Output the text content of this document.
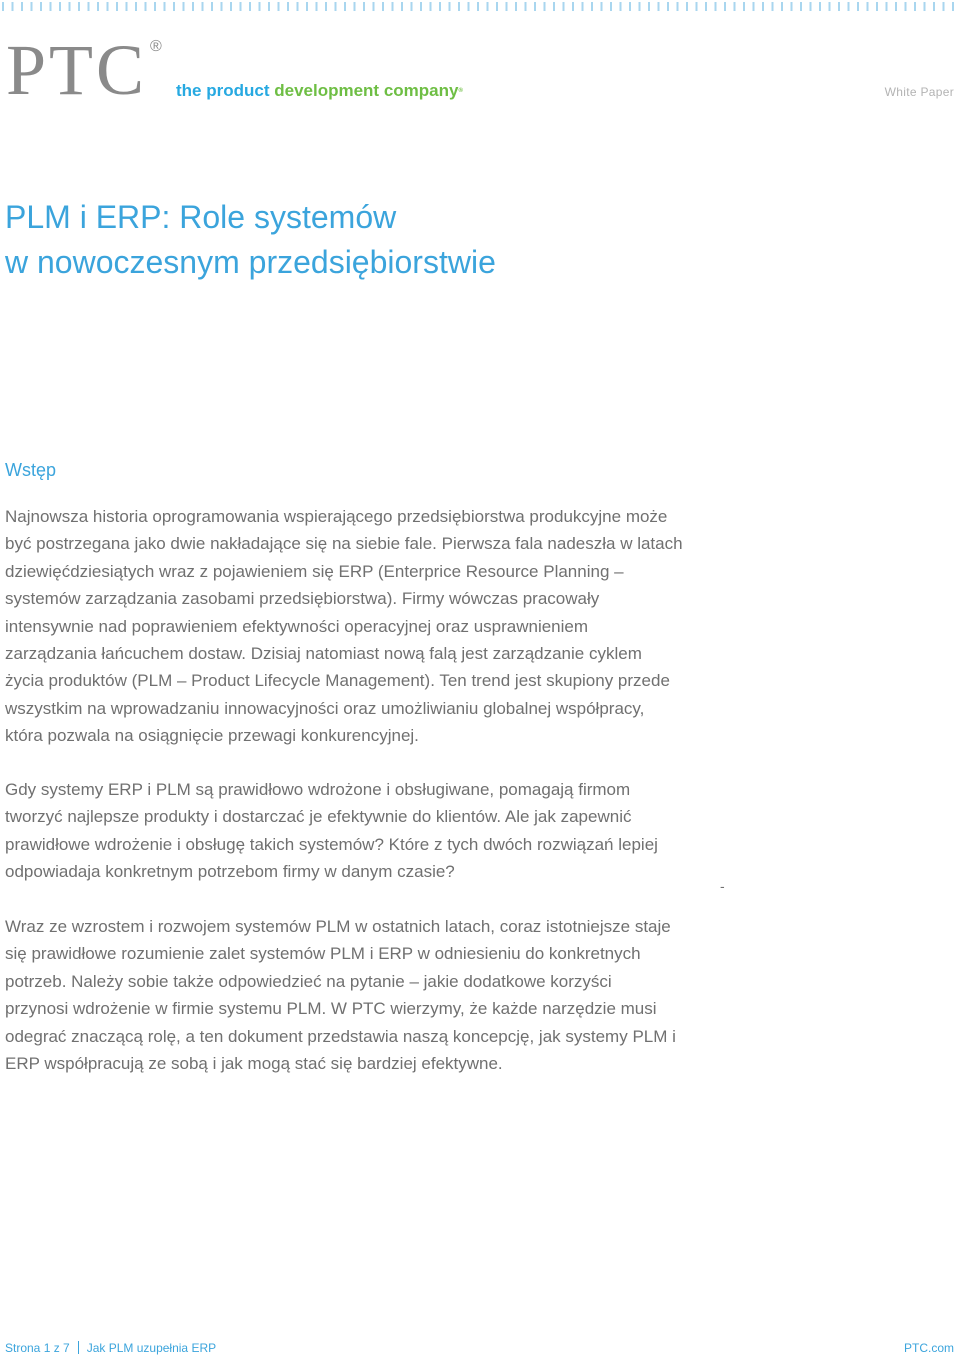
PTC ®
the product development company®	White Paper
PLM i ERP: Role systemów
w nowoczesnym przedsiębiorstwie
Wstęp
Najnowsza historia oprogramowania wspierającego przedsiębiorstwa produkcyjne może
być postrzegana jako dwie nakładające się na siebie fale. Pierwsza fala nadeszła w latach
dziewięćdziesiątych wraz z pojawieniem się ERP (Enterprice Resource Planning –
systemów zarządzania zasobami przedsiębiorstwa). Firmy wówczas pracowały
intensywnie nad poprawieniem efektywności operacyjnej oraz usprawnieniem
zarządzania łańcuchem dostaw. Dzisiaj natomiast nową falą jest zarządzanie cyklem
życia produktów (PLM – Product Lifecycle Management). Ten trend jest skupiony przede
wszystkim na wprowadzaniu innowacyjności oraz umożliwianiu globalnej współpracy,
która pozwala na osiągnięcie przewagi konkurencyjnej.
Gdy systemy ERP i PLM są prawidłowo wdrożone i obsługiwane, pomagają firmom
tworzyć najlepsze produkty i dostarczać je efektywnie do klientów. Ale jak zapewnić
prawidłowe wdrożenie i obsługę takich systemów? Które z tych dwóch rozwiązań lepiej
odpowiadaja konkretnym potrzebom firmy w danym czasie?
-
Wraz ze wzrostem i rozwojem systemów PLM w ostatnich latach, coraz istotniejsze staje
się prawidłowe rozumienie zalet systemów PLM i ERP w odniesieniu do konkretnych
potrzeb. Należy sobie także odpowiedzieć na pytanie – jakie dodatkowe korzyści
przynosi wdrożenie w firmie systemu PLM. W PTC wierzymy, że każde narzędzie musi
odegrać znaczącą rolę, a ten dokument przedstawia naszą koncepcję, jak systemy PLM i
ERP współpracują ze sobą i jak mogą stać się bardziej efektywne.
Strona 1 z 7 Jak PLM uzupełnia ERP	PTC.com
